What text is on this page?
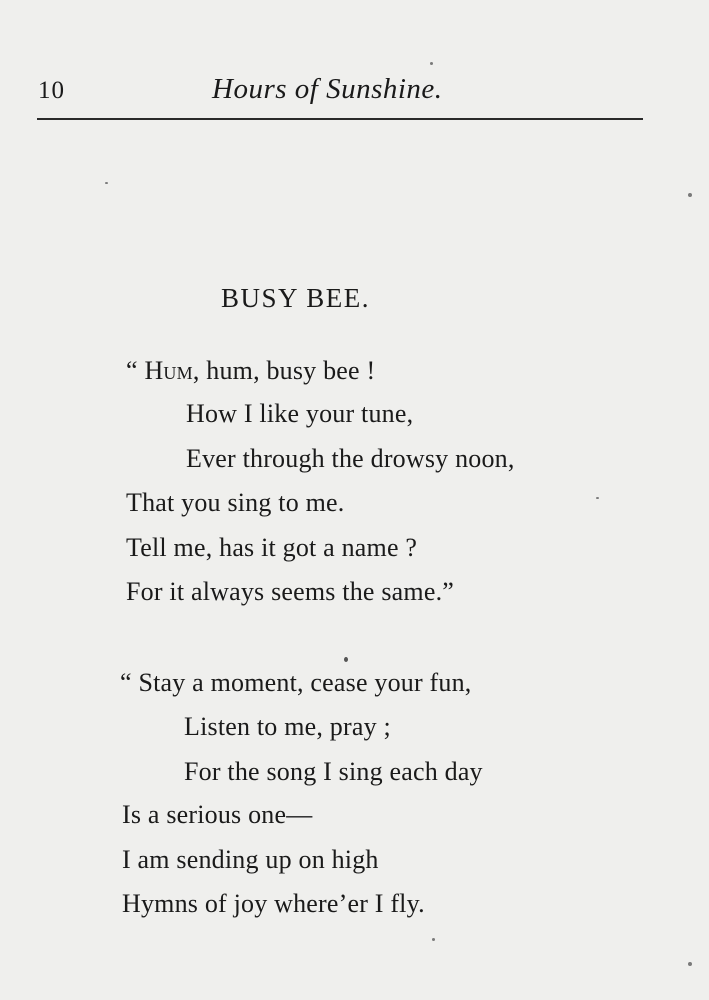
10	Hours of Sunshine.
BUSY BEE.
“ Hum, hum, busy bee !
How I like your tune,
Ever through the drowsy noon,
That you sing to me.
Tell me, has it got a name ?
For it always seems the same.”
“ Stay a moment, cease your fun,
Listen to me, pray ;
For the song I sing each day
Is a serious one—
I am sending up on high
Hymns of joy where’er I fly.
